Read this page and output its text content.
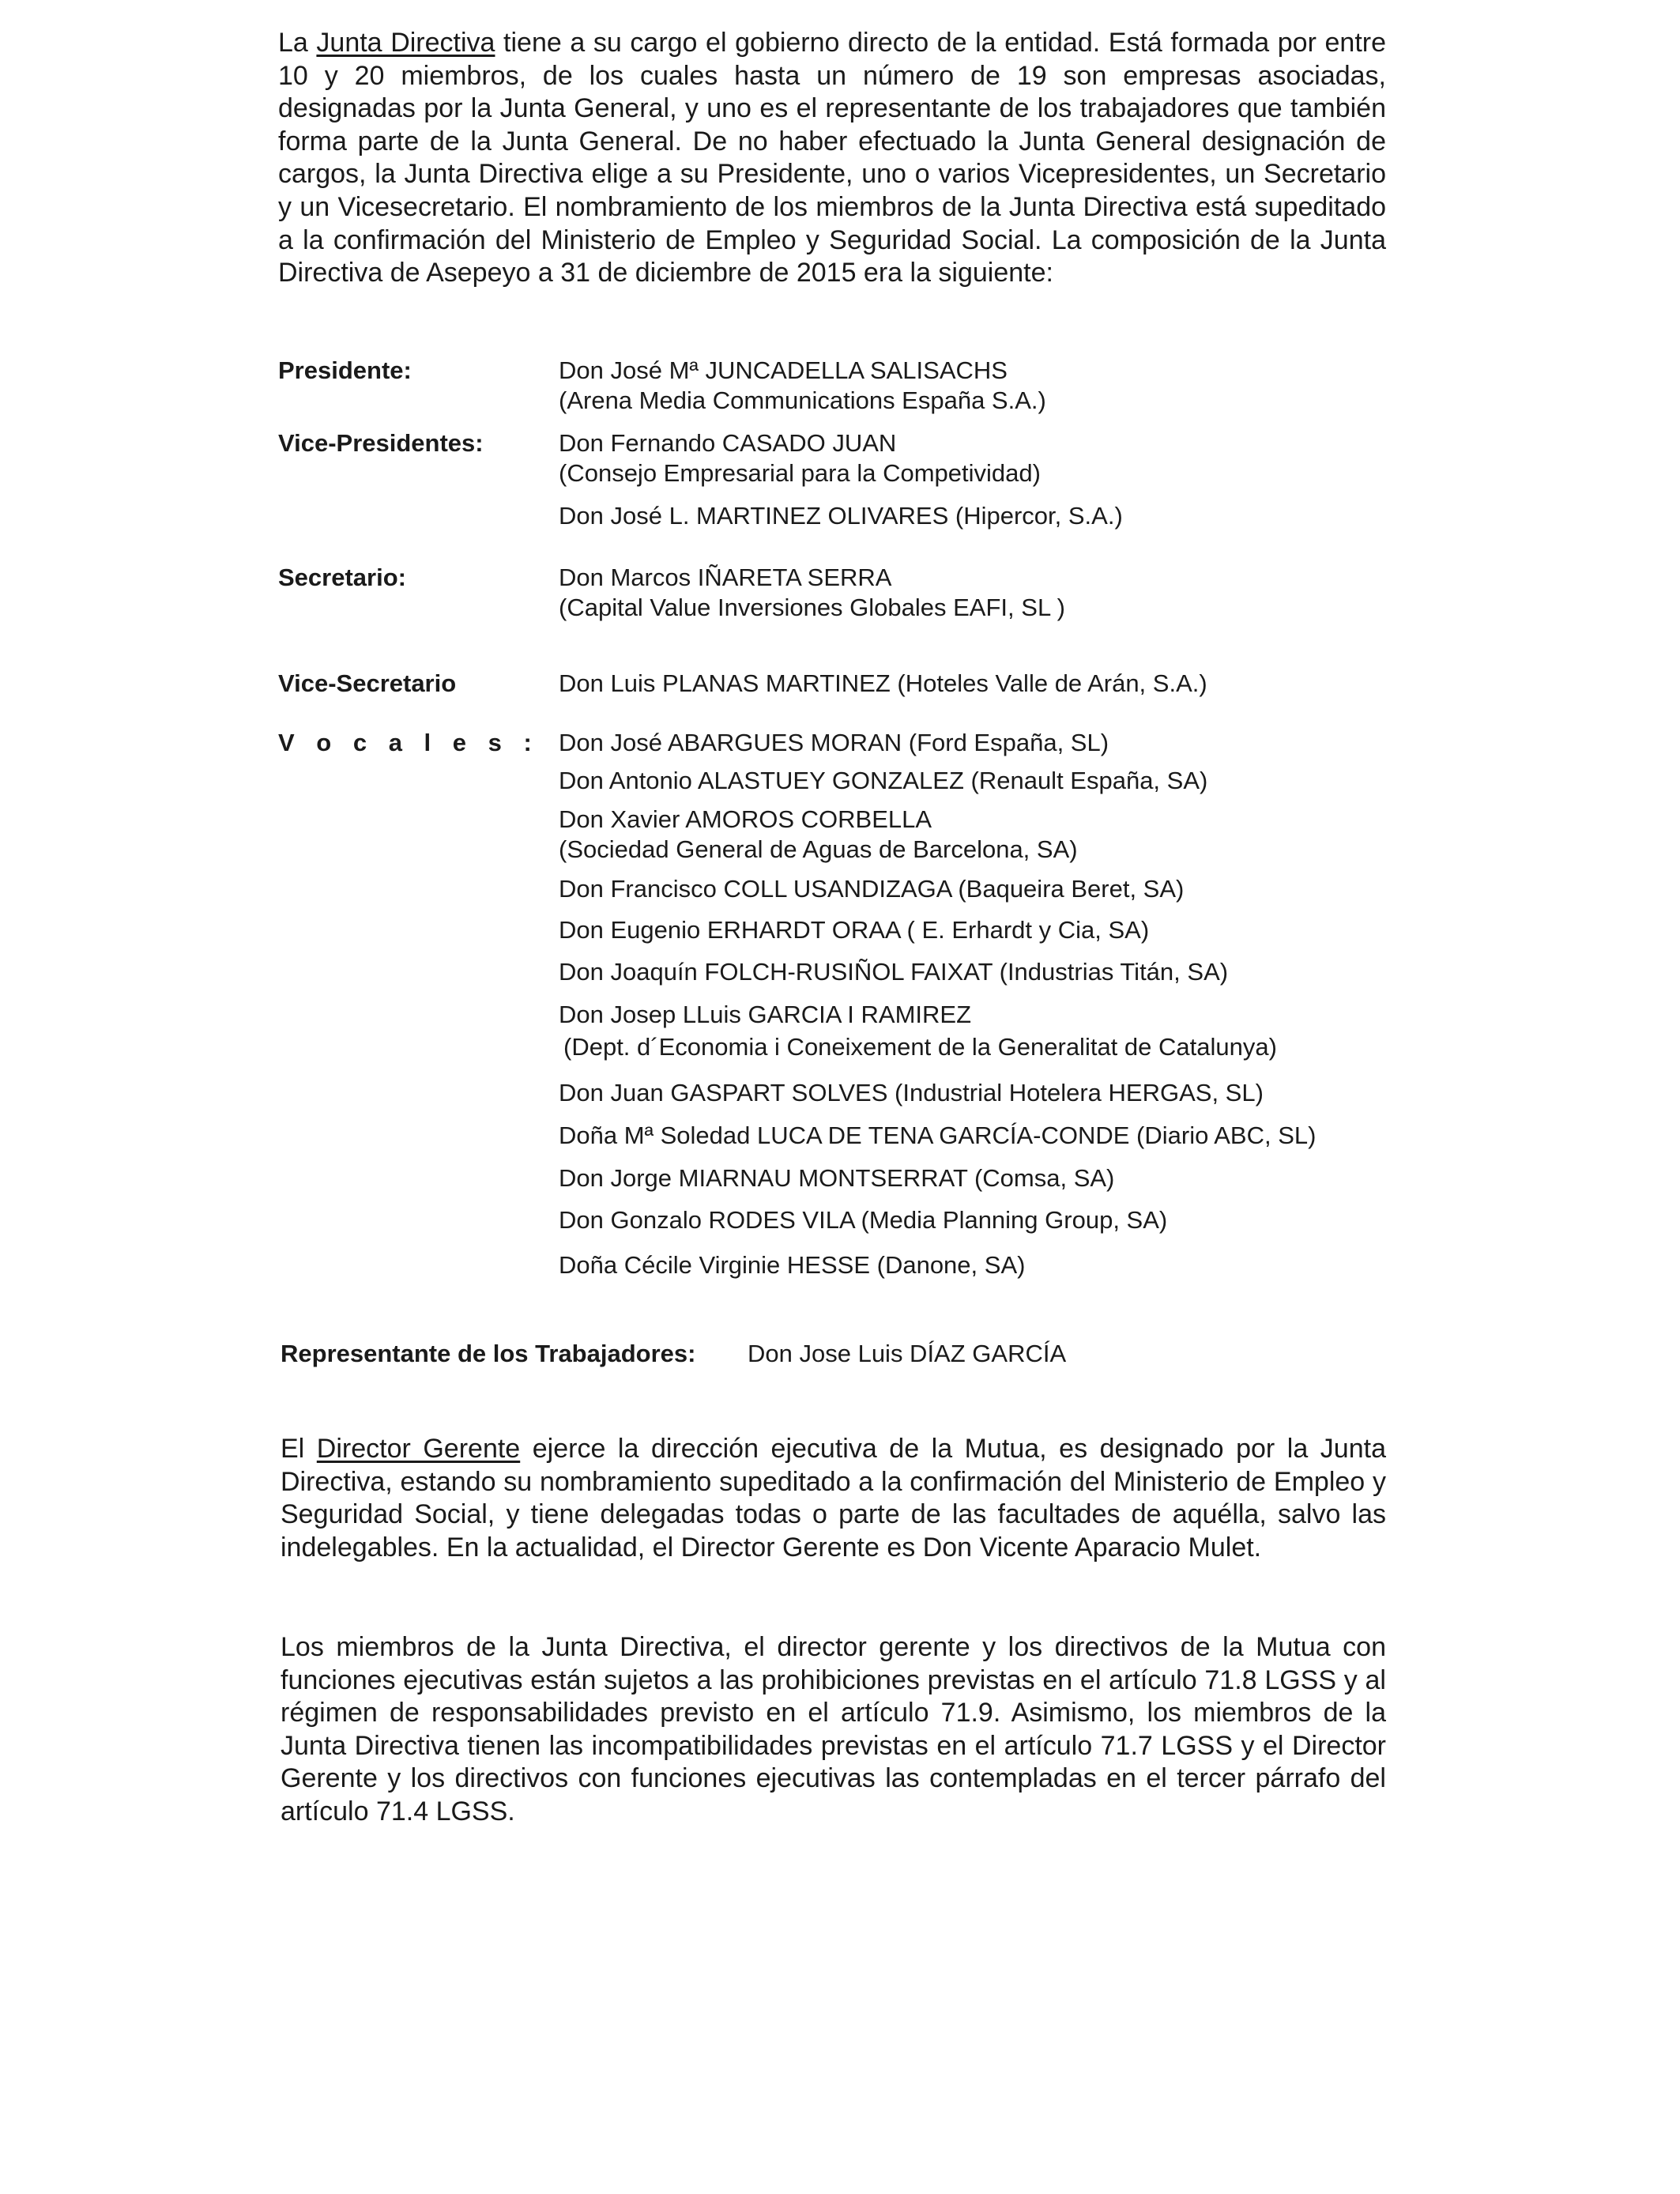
La Junta Directiva tiene a su cargo el gobierno directo de la entidad. Está formada por entre 10 y 20 miembros, de los cuales hasta un número de 19 son empresas asociadas, designadas por la Junta General, y uno es el representante de los trabajadores que también forma parte de la Junta General. De no haber efectuado la Junta General designación de cargos, la Junta Directiva elige a su Presidente, uno o varios Vicepresidentes, un Secretario y un Vicesecretario. El nombramiento de los miembros de la Junta Directiva está supeditado a la confirmación del Ministerio de Empleo y Seguridad Social. La composición de la Junta Directiva de Asepeyo a 31 de diciembre de 2015 era la siguiente:
Presidente:	Don José Mª JUNCADELLA SALISACHS
(Arena Media Communications España S.A.)
Vice-Presidentes:	Don Fernando CASADO JUAN
(Consejo Empresarial para la Competividad)
Don José L. MARTINEZ OLIVARES (Hipercor, S.A.)
Secretario:	Don Marcos IÑARETA SERRA
(Capital Value Inversiones Globales EAFI, SL )
Vice-Secretario	Don Luis PLANAS MARTINEZ (Hoteles Valle de Arán, S.A.)
V o c a l e s : Don José ABARGUES MORAN (Ford España, SL)
Don Antonio ALASTUEY GONZALEZ (Renault España, SA)
Don Xavier AMOROS CORBELLA
(Sociedad General de Aguas de Barcelona, SA)
Don Francisco COLL USANDIZAGA (Baqueira Beret, SA)
Don Eugenio ERHARDT ORAA ( E. Erhardt y Cia, SA)
Don Joaquín FOLCH-RUSIÑOL FAIXAT (Industrias Titán, SA)
Don Josep LLuis GARCIA I RAMIREZ
(Dept. d´Economia i Coneixement de la Generalitat de Catalunya)
Don Juan GASPART SOLVES (Industrial Hotelera HERGAS, SL)
Doña Mª Soledad LUCA DE TENA GARCÍA-CONDE (Diario ABC, SL)
Don Jorge MIARNAU MONTSERRAT (Comsa, SA)
Don Gonzalo RODES VILA (Media Planning Group, SA)
Doña Cécile Virginie HESSE (Danone, SA)
Representante de los Trabajadores: Don Jose Luis DÍAZ GARCÍA
El Director Gerente ejerce la dirección ejecutiva de la Mutua, es designado por la Junta Directiva, estando su nombramiento supeditado a la confirmación del Ministerio de Empleo y Seguridad Social, y tiene delegadas todas o parte de las facultades de aquélla, salvo las indelegables. En la actualidad, el Director Gerente es Don Vicente Aparacio Mulet.
Los miembros de la Junta Directiva, el director gerente y los directivos de la Mutua con funciones ejecutivas están sujetos a las prohibiciones previstas en el artículo 71.8 LGSS y al régimen de responsabilidades previsto en el artículo 71.9. Asimismo, los miembros de la Junta Directiva tienen las incompatibilidades previstas en el artículo 71.7 LGSS y el Director Gerente y los directivos con funciones ejecutivas las contempladas en el tercer párrafo del artículo 71.4 LGSS.
